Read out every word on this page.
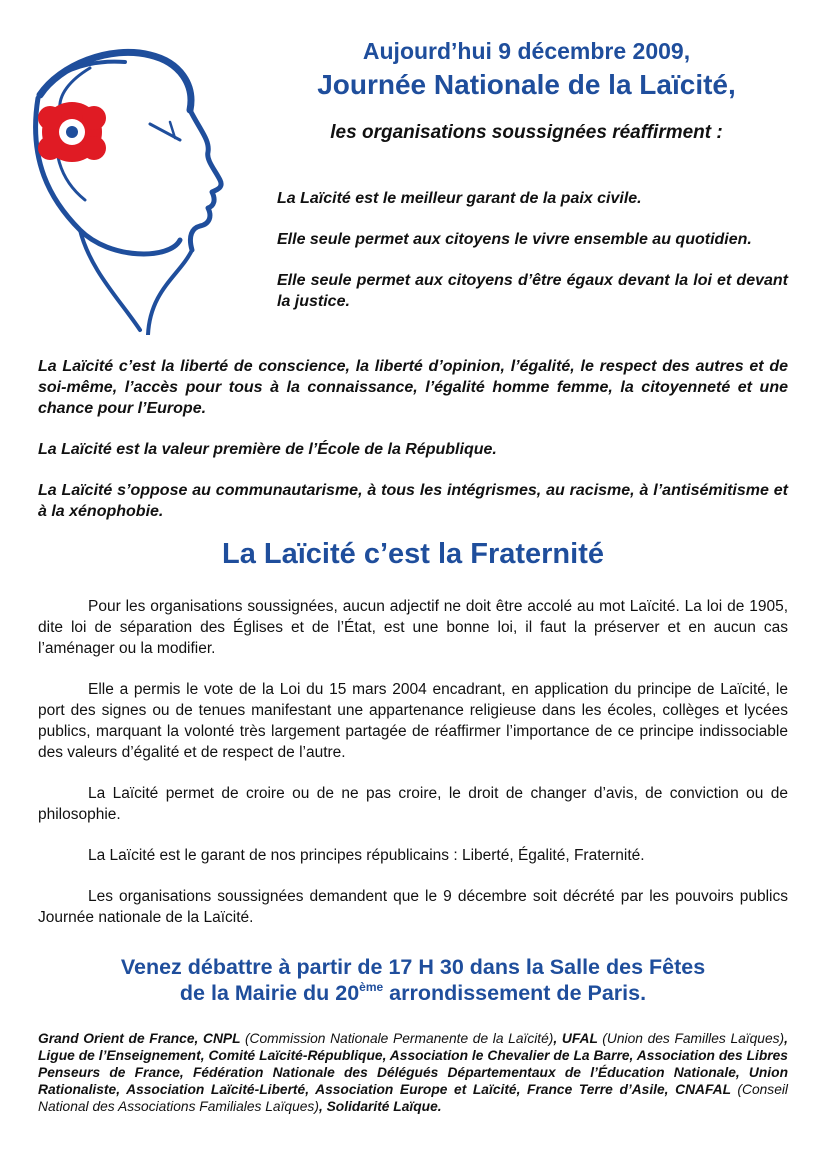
Aujourd’hui 9 décembre 2009,

Journée Nationale de la Laïcité,

les organisations soussignées réaffirment :

La Laïcité est le meilleur garant de la paix civile.

Elle seule permet aux citoyens le vivre ensemble au quotidien.

Elle seule permet aux citoyens d’être égaux devant la loi et devant la justice.

La Laïcité c’est la liberté de conscience, la liberté d’opinion, l’égalité, le respect des autres et de soi-même, l’accès pour tous à la connaissance, l’égalité homme femme, la citoyenneté et une chance pour l’Europe.

La Laïcité est la valeur première de l’École de la République.

La Laïcité s’oppose au communautarisme, à tous les intégrismes, au racisme, à l’antisémitisme et à la xénophobie.

La Laïcité c’est la Fraternité

Pour les organisations soussignées, aucun adjectif ne doit être accolé au mot Laïcité. La loi de 1905, dite loi de séparation des Églises et de l’État, est une bonne loi, il faut la préserver et en aucun cas l’aménager ou la modifier.

Elle a permis le vote de la Loi du 15 mars 2004 encadrant, en application du principe de Laïcité, le port des signes ou de tenues manifestant une appartenance religieuse dans les écoles, collèges et lycées publics, marquant la volonté très largement partagée de réaffirmer l’importance de ce principe indissociable des valeurs d’égalité et de respect de l’autre.

La Laïcité permet de croire ou de ne pas croire, le droit de changer d’avis, de conviction ou de philosophie.

La Laïcité est le garant de nos principes républicains : Liberté, Égalité, Fraternité.

Les organisations soussignées demandent que le 9 décembre soit décrété par les pouvoirs publics Journée nationale de la Laïcité.

Venez débattre à partir de 17 H 30 dans la Salle des Fêtes
de la Mairie du 20ème arrondissement de Paris.

Grand Orient de France, CNPL (Commission Nationale Permanente de la Laïcité), UFAL (Union des Familles Laïques), Ligue de l’Enseignement, Comité Laïcité-République, Association le Chevalier de La Barre, Association des Libres Penseurs de France, Fédération Nationale des Délégués Départementaux de l’Éducation Nationale, Union Rationaliste, Association Laïcité-Liberté, Association Europe et Laïcité, France Terre d’Asile, CNAFAL (Conseil National des Associations Familiales Laïques), Solidarité Laïque.
